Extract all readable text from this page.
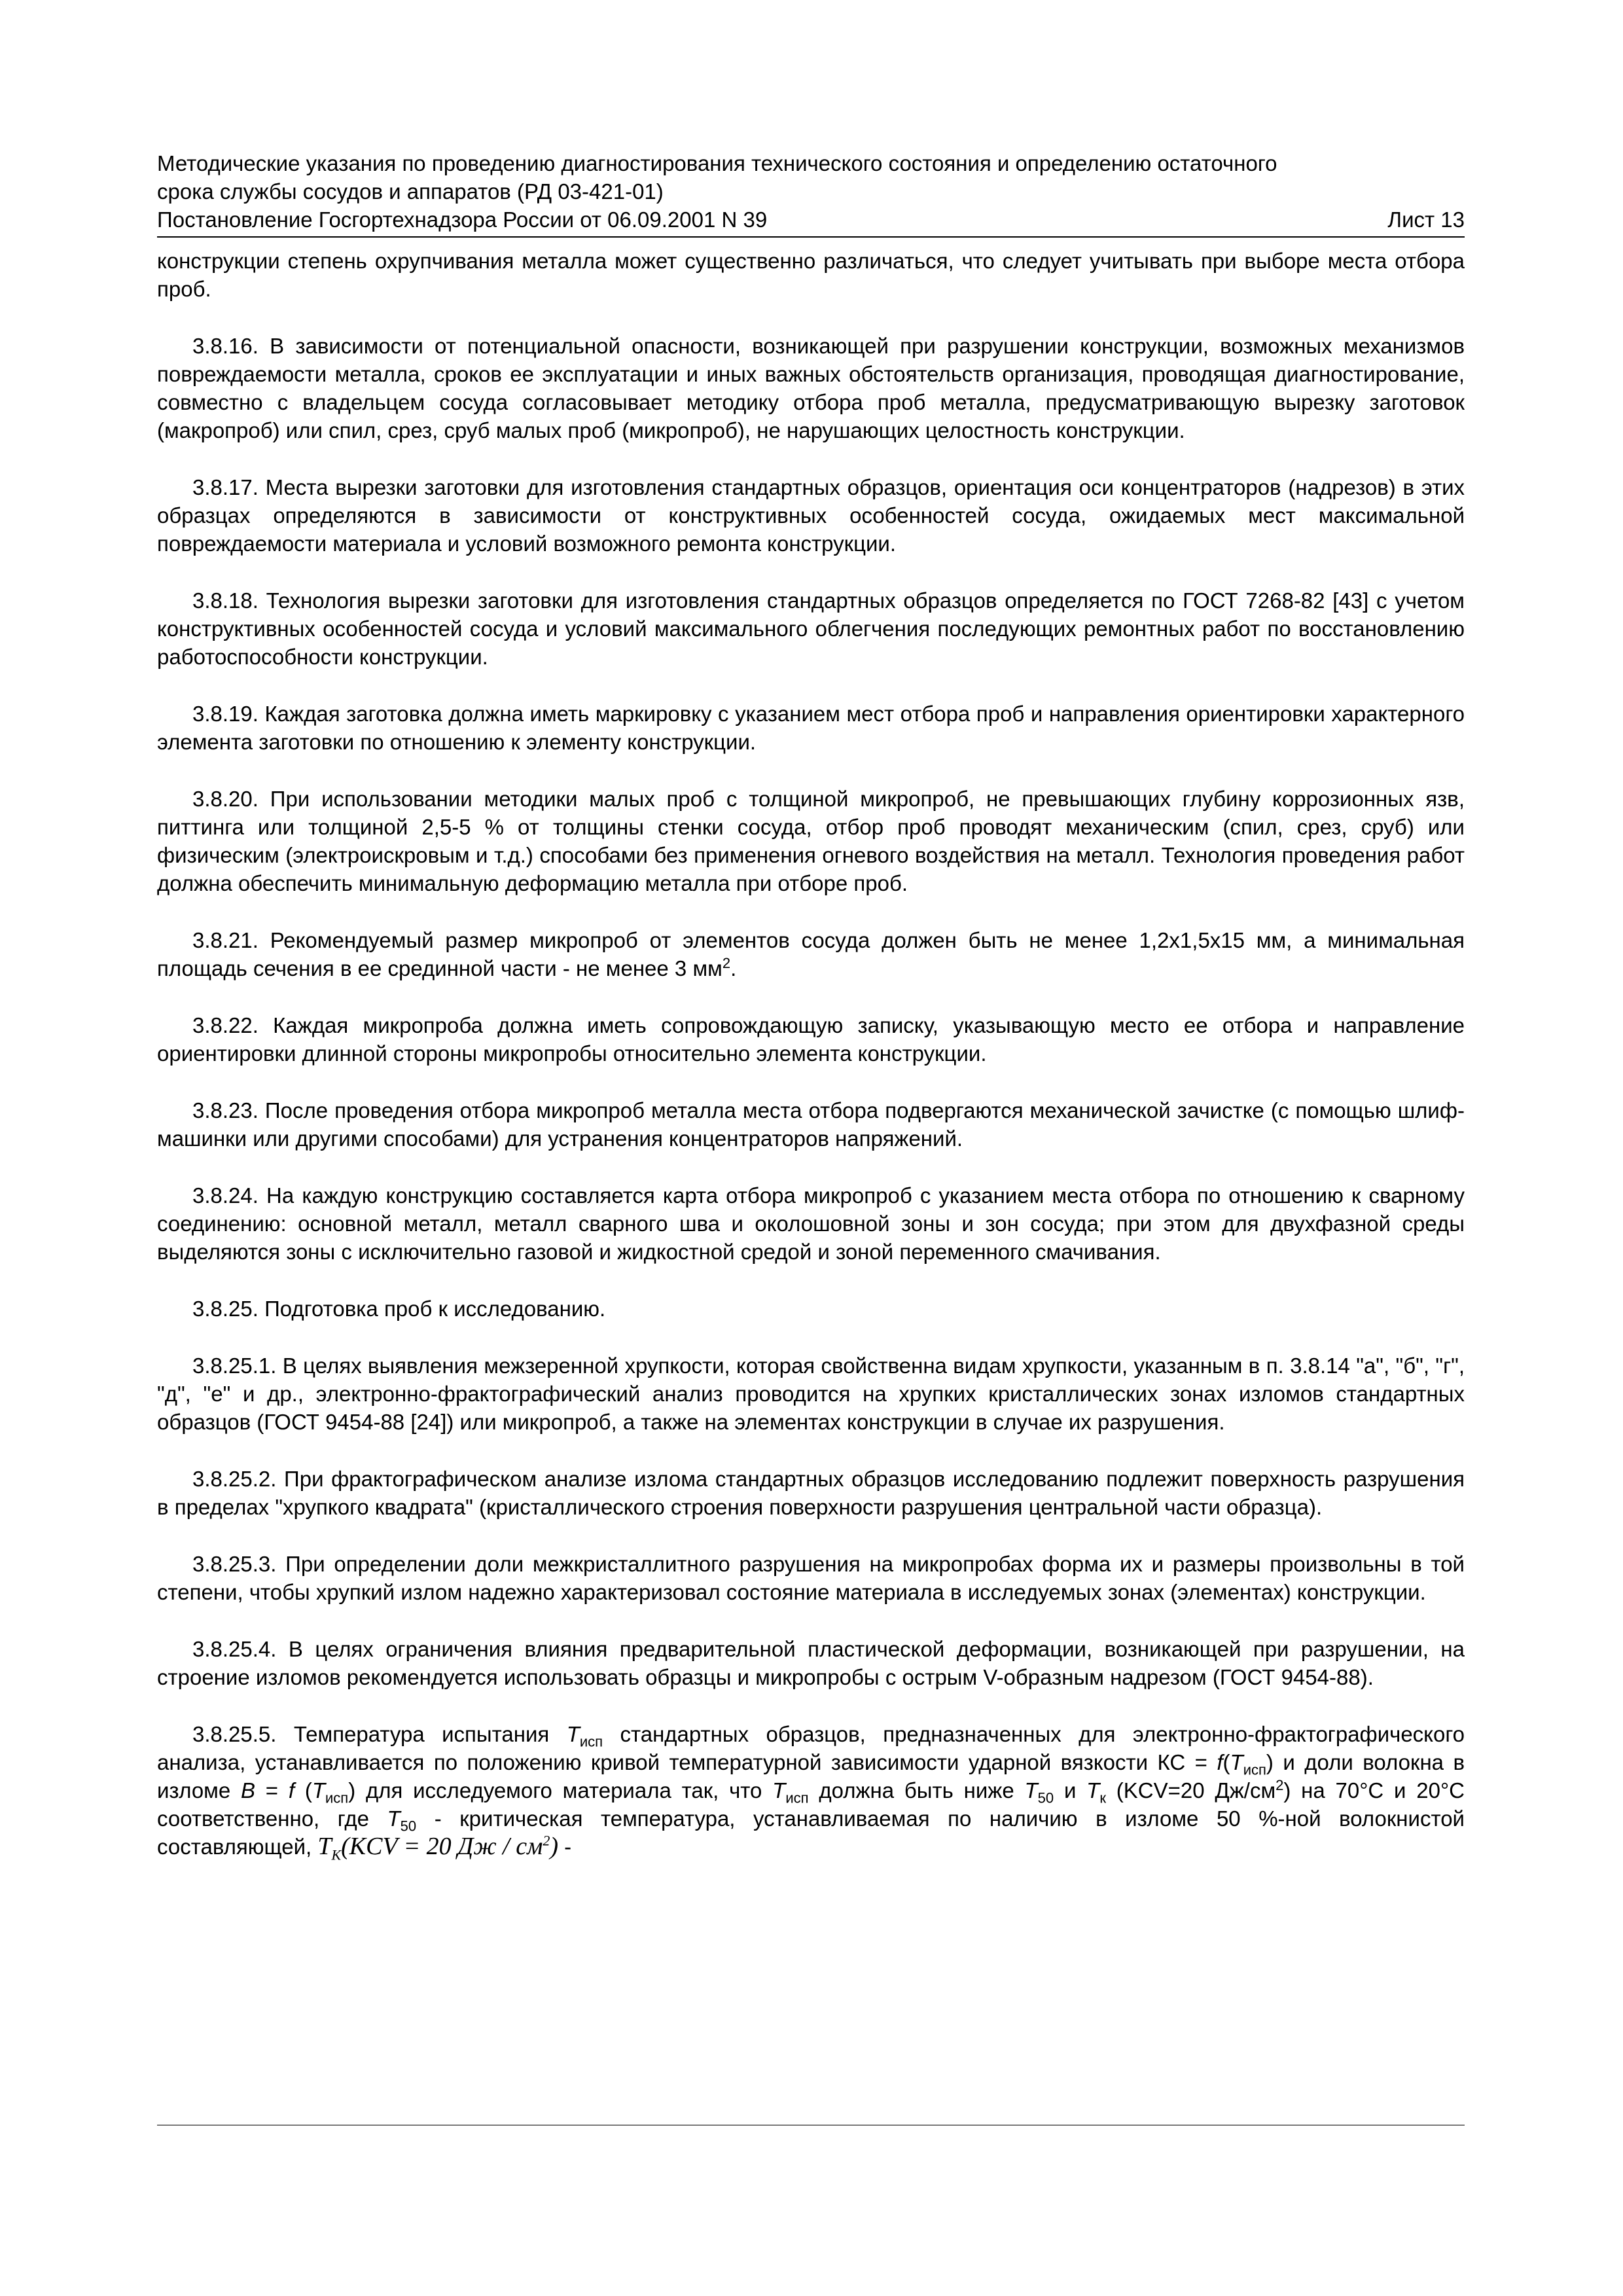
Методические указания по проведению диагностирования технического состояния и определению остаточного
срока службы сосудов и аппаратов (РД 03-421-01)
Постановление Госгортехнадзора России от 06.09.2001 N 39	Лист 13

конструкции степень охрупчивания металла может существенно различаться, что следует учитывать при выборе места отбора проб.

3.8.16. В зависимости от потенциальной опасности, возникающей при разрушении конструкции, возможных механизмов повреждаемости металла, сроков ее эксплуатации и иных важных обстоятельств организация, проводящая диагностирование, совместно с владельцем сосуда согласовывает методику отбора проб металла, предусматривающую вырезку заготовок (макропроб) или спил, срез, сруб малых проб (микропроб), не нарушающих целостность конструкции.

3.8.17. Места вырезки заготовки для изготовления стандартных образцов, ориентация оси концентраторов (надрезов) в этих образцах определяются в зависимости от конструктивных особенностей сосуда, ожидаемых мест максимальной повреждаемости материала и условий возможного ремонта конструкции.

3.8.18. Технология вырезки заготовки для изготовления стандартных образцов определяется по ГОСТ 7268-82 [43] с учетом конструктивных особенностей сосуда и условий максимального облегчения последующих ремонтных работ по восстановлению работоспособности конструкции.

3.8.19. Каждая заготовка должна иметь маркировку с указанием мест отбора проб и направления ориентировки характерного элемента заготовки по отношению к элементу конструкции.

3.8.20. При использовании методики малых проб с толщиной микропроб, не превышающих глубину коррозионных язв, питтинга или толщиной 2,5-5 % от толщины стенки сосуда, отбор проб проводят механическим (спил, срез, сруб) или физическим (электроискровым и т.д.) способами без применения огневого воздействия на металл. Технология проведения работ должна обеспечить минимальную деформацию металла при отборе проб.

3.8.21. Рекомендуемый размер микропроб от элементов сосуда должен быть не менее 1,2x1,5x15 мм, а минимальная площадь сечения в ее срединной части - не менее 3 $мм^2$.

3.8.22. Каждая микропроба должна иметь сопровождающую записку, указывающую место ее отбора и направление ориентировки длинной стороны микропробы относительно элемента конструкции.

3.8.23. После проведения отбора микропроб металла места отбора подвергаются механической зачистке (с помощью шлиф-машинки или другими способами) для устранения концентраторов напряжений.

3.8.24. На каждую конструкцию составляется карта отбора микропроб с указанием места отбора по отношению к сварному соединению: основной металл, металл сварного шва и околошовной зоны и зон сосуда; при этом для двухфазной среды выделяются зоны с исключительно газовой и жидкостной средой и зоной переменного смачивания.

3.8.25. Подготовка проб к исследованию.

3.8.25.1. В целях выявления межзеренной хрупкости, которая свойственна видам хрупкости, указанным в п. 3.8.14 "а", "б", "г", "д", "е" и др., электронно-фрактографический анализ проводится на хрупких кристаллических зонах изломов стандартных образцов (ГОСТ 9454-88 [24]) или микропроб, а также на элементах конструкции в случае их разрушения.

3.8.25.2. При фрактографическом анализе излома стандартных образцов исследованию подлежит поверхность разрушения в пределах "хрупкого квадрата" (кристаллического строения поверхности разрушения центральной части образца).

3.8.25.3. При определении доли межкристаллитного разрушения на микропробах форма их и размеры произвольны в той степени, чтобы хрупкий излом надежно характеризовал состояние материала в исследуемых зонах (элементах) конструкции.

3.8.25.4. В целях ограничения влияния предварительной пластической деформации, возникающей при разрушении, на строение изломов рекомендуется использовать образцы и микропробы с острым V-образным надрезом (ГОСТ 9454-88).

3.8.25.5. Температура испытания $T_{исп}$ стандартных образцов, предназначенных для электронно-фрактографического анализа, устанавливается по положению кривой температурной зависимости ударной вязкости КС = $f(T_{исп})$ и доли волокна в изломе B = f $(T_{исп})$ для исследуемого материала так, что $T_{исп}$ должна быть ниже $T_{50}$ и $T_к$ (KCV=20 $Дж/см^2$) на 70°C и 20°C соответственно, где $T_{50}$ - критическая температура, устанавливаемая по наличию в изломе 50 %-ной волокнистой составляющей, $T_К(KCV = 20$ Дж / $см^2$) -
